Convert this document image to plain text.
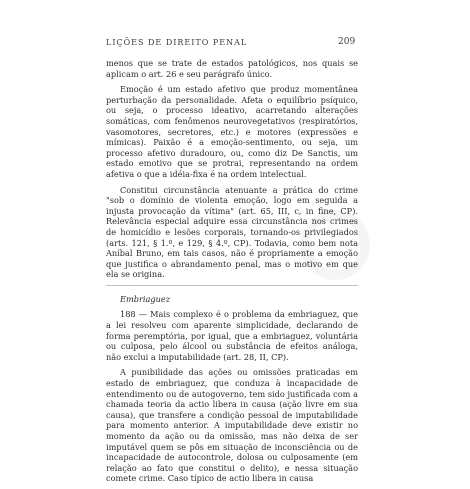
LIÇÕES DE DIREITO PENAL	209

menos que se trate de estados patológicos, nos quais se aplicam o art. 26 e seu parágrafo único.

Emoção é um estado afetivo que produz momentânea perturbação da personalidade. Afeta o equilíbrio psíquico, ou seja, o processo ideativo, acarretando alterações somáticas, com fenômenos neurovegetativos (respiratórios, vasomotores, secretores, etc.) e motores (expressões e mímicas). Paixão é a emoção-sentimento, ou seja, um processo afetivo duradouro, ou, como diz De Sanctis, um estado emotivo que se protrai, representando na ordem afetiva o que a idéia-fixa é na ordem intelectual.

Constitui circunstância atenuante a prática do crime "sob o domínio de violenta emoção, logo em seguida a injusta provocação da vítima" (art. 65, III, c, in fine, CP). Relevância especial adquire essa circunstância nos crimes de homicídio e lesões corporais, tornando-os privilegiados (arts. 121, § 1.º, e 129, § 4.º, CP). Todavia, como bem nota Aníbal Bruno, em tais casos, não é propriamente a emoção que justifica o abrandamento penal, mas o motivo em que ela se origina.

Embriaguez

188 — Mais complexo é o problema da embriaguez, que a lei resolveu com aparente simplicidade, declarando de forma peremptória, por igual, que a embriaguez, voluntária ou culposa, pelo álcool ou substância de efeitos análoga, não exclui a imputabilidade (art. 28, II, CP).

A punibilidade das ações ou omissões praticadas em estado de embriaguez, que conduza à incapacidade de entendimento ou de autogoverno, tem sido justificada com a chamada teoria da actio libera in causa (ação livre em sua causa), que transfere a condição pessoal de imputabilidade para momento anterior. A imputabilidade deve existir no momento da ação ou da omissão, mas não deixa de ser imputável quem se pôs em situação de inconsciência ou de incapacidade de autocontrole, dolosa ou culposamente (em relação ao fato que constitui o delito), e nessa situação comete crime. Caso típico de actio libera in causa
